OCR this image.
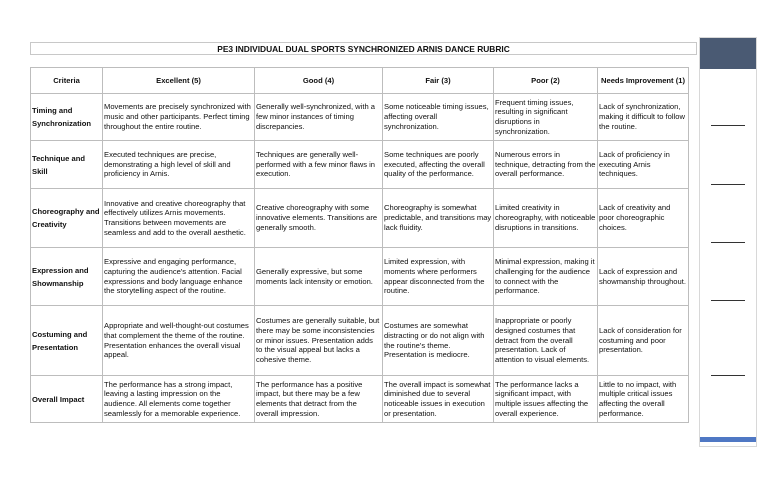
PE3 INDIVIDUAL DUAL SPORTS SYNCHRONIZED ARNIS DANCE RUBRIC
Criteria	Excellent (5)	Good (4)	Fair (3)	Poor (2)	Needs Improvement (1)

Timing and Synchronization	Movements are precisely synchronized with music and other participants. Perfect timing throughout the entire routine.	Generally well-synchronized, with a few minor instances of timing discrepancies.	Some noticeable timing issues, affecting overall synchronization.	Frequent timing issues, resulting in significant disruptions in synchronization.	Lack of synchronization, making it difficult to follow the routine.

Technique and Skill	Executed techniques are precise, demonstrating a high level of skill and proficiency in Arnis.	Techniques are generally well-performed with a few minor flaws in execution.	Some techniques are poorly executed, affecting the overall quality of the performance.	Numerous errors in technique, detracting from the overall performance.	Lack of proficiency in executing Arnis techniques.

Choreography and Creativity	Innovative and creative choreography that effectively utilizes Arnis movements. Transitions between movements are seamless and add to the overall aesthetic.	Creative choreography with some innovative elements. Transitions are generally smooth.	Choreography is somewhat predictable, and transitions may lack fluidity.	Limited creativity in choreography, with noticeable disruptions in transitions.	Lack of creativity and poor choreographic choices.

Expression and Showmanship	Expressive and engaging performance, capturing the audience's attention. Facial expressions and body language enhance the storytelling aspect of the routine.	Generally expressive, but some moments lack intensity or emotion.	Limited expression, with moments where performers appear disconnected from the routine.	Minimal expression, making it challenging for the audience to connect with the performance.	Lack of expression and showmanship throughout.

Costuming and Presentation	Appropriate and well-thought-out costumes that complement the theme of the routine. Presentation enhances the overall visual appeal.	Costumes are generally suitable, but there may be some inconsistencies or minor issues. Presentation adds to the visual appeal but lacks a cohesive theme.	Costumes are somewhat distracting or do not align with the routine's theme. Presentation is mediocre.	Inappropriate or poorly designed costumes that detract from the overall presentation. Lack of attention to visual elements.	Lack of consideration for costuming and poor presentation.

Overall Impact	The performance has a strong impact, leaving a lasting impression on the audience. All elements come together seamlessly for a memorable experience.	The performance has a positive impact, but there may be a few elements that detract from the overall impression.	The overall impact is somewhat diminished due to several noticeable issues in execution or presentation.	The performance lacks a significant impact, with multiple issues affecting the overall experience.	Little to no impact, with multiple critical issues affecting the overall performance.
